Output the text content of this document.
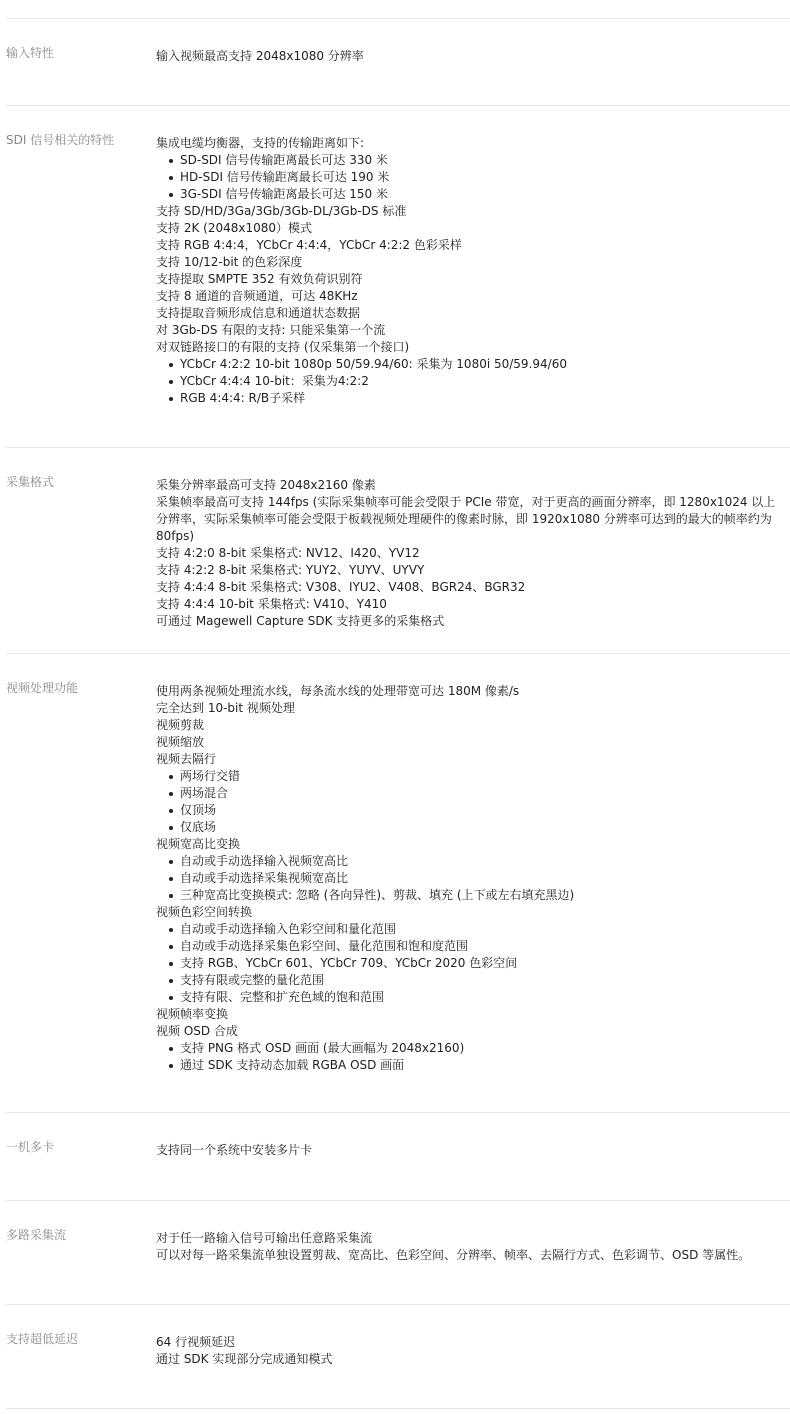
输入特性	输入视频最高支持 2048x1080 分辨率
SDI 信号相关的特性	集成电缆均衡器，支持的传输距离如下:
SD-SDI 信号传输距离最长可达 330 米
HD-SDI 信号传输距离最长可达 190 米
3G-SDI 信号传输距离最长可达 150 米
支持 SD/HD/3Ga/3Gb/3Gb-DL/3Gb-DS 标准
支持 2K (2048x1080）模式
支持 RGB 4:4:4，YCbCr 4:4:4，YCbCr 4:2:2 色彩采样
支持 10/12-bit 的色彩深度
支持提取 SMPTE 352 有效负荷识别符
支持 8 通道的音频通道，可达 48KHz
支持提取音频形成信息和通道状态数据
对 3Gb-DS 有限的支持: 只能采集第一个流
对双链路接口的有限的支持 (仅采集第一个接口)
YCbCr 4:2:2 10-bit 1080p 50/59.94/60: 采集为 1080i 50/59.94/60
YCbCr 4:4:4 10-bit：采集为4:2:2
RGB 4:4:4: R/B子采样
采集格式	采集分辨率最高可支持 2048x2160 像素
采集帧率最高可支持 144fps (实际采集帧率可能会受限于 PCIe 带宽，对于更高的画面分辨率，即 1280x1024 以上分辨率，实际采集帧率可能会受限于板载视频处理硬件的像素时脉，即 1920x1080 分辨率可达到的最大的帧率约为 80fps)
支持 4:2:0 8-bit 采集格式: NV12、I420、YV12
支持 4:2:2 8-bit 采集格式: YUY2、YUYV、UYVY
支持 4:4:4 8-bit 采集格式: V308、IYU2、V408、BGR24、BGR32
支持 4:4:4 10-bit 采集格式: V410、Y410
可通过 Magewell Capture SDK 支持更多的采集格式
视频处理功能	使用两条视频处理流水线，每条流水线的处理带宽可达 180M 像素/s
完全达到 10-bit 视频处理
视频剪裁
视频缩放
视频去隔行
两场行交错
两场混合
仅顶场
仅底场
视频宽高比变换
自动或手动选择输入视频宽高比
自动或手动选择采集视频宽高比
三种宽高比变换模式: 忽略 (各向异性)、剪裁、填充 (上下或左右填充黑边)
视频色彩空间转换
自动或手动选择输入色彩空间和量化范围
自动或手动选择采集色彩空间、量化范围和饱和度范围
支持 RGB、YCbCr 601、YCbCr 709、YCbCr 2020 色彩空间
支持有限或完整的量化范围
支持有限、完整和扩充色域的饱和范围
视频帧率变换
视频 OSD 合成
支持 PNG 格式 OSD 画面 (最大画幅为 2048x2160)
通过 SDK 支持动态加载 RGBA OSD 画面
一机多卡	支持同一个系统中安装多片卡
多路采集流	对于任一路输入信号可输出任意路采集流
可以对每一路采集流单独设置剪裁、宽高比、色彩空间、分辨率、帧率、去隔行方式、色彩调节、OSD 等属性。
支持超低延迟	64 行视频延迟
通过 SDK 实现部分完成通知模式
